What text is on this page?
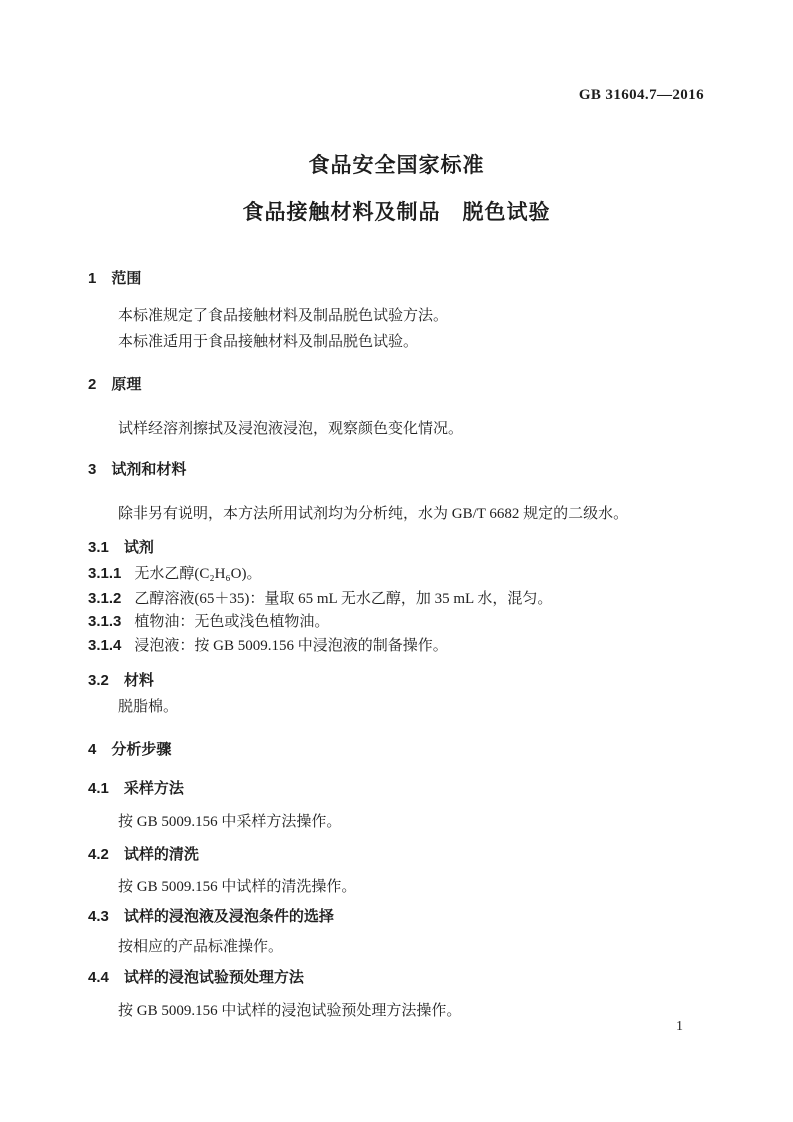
GB 31604.7—2016
食品安全国家标准
食品接触材料及制品　脱色试验
1 范围
本标准规定了食品接触材料及制品脱色试验方法。
本标准适用于食品接触材料及制品脱色试验。
2 原理
试样经溶剂擦拭及浸泡液浸泡，观察颜色变化情况。
3 试剂和材料
除非另有说明，本方法所用试剂均为分析纯，水为 GB/T 6682 规定的二级水。
3.1 试剂
3.1.1 无水乙醇(C₂H₆O)。
3.1.2 乙醇溶液(65＋35)：量取 65 mL 无水乙醇，加 35 mL 水，混匀。
3.1.3 植物油：无色或浅色植物油。
3.1.4 浸泡液：按 GB 5009.156 中浸泡液的制备操作。
3.2 材料
脱脂棉。
4 分析步骤
4.1 采样方法
按 GB 5009.156 中采样方法操作。
4.2 试样的清洗
按 GB 5009.156 中试样的清洗操作。
4.3 试样的浸泡液及浸泡条件的选择
按相应的产品标准操作。
4.4 试样的浸泡试验预处理方法
按 GB 5009.156 中试样的浸泡试验预处理方法操作。
1
